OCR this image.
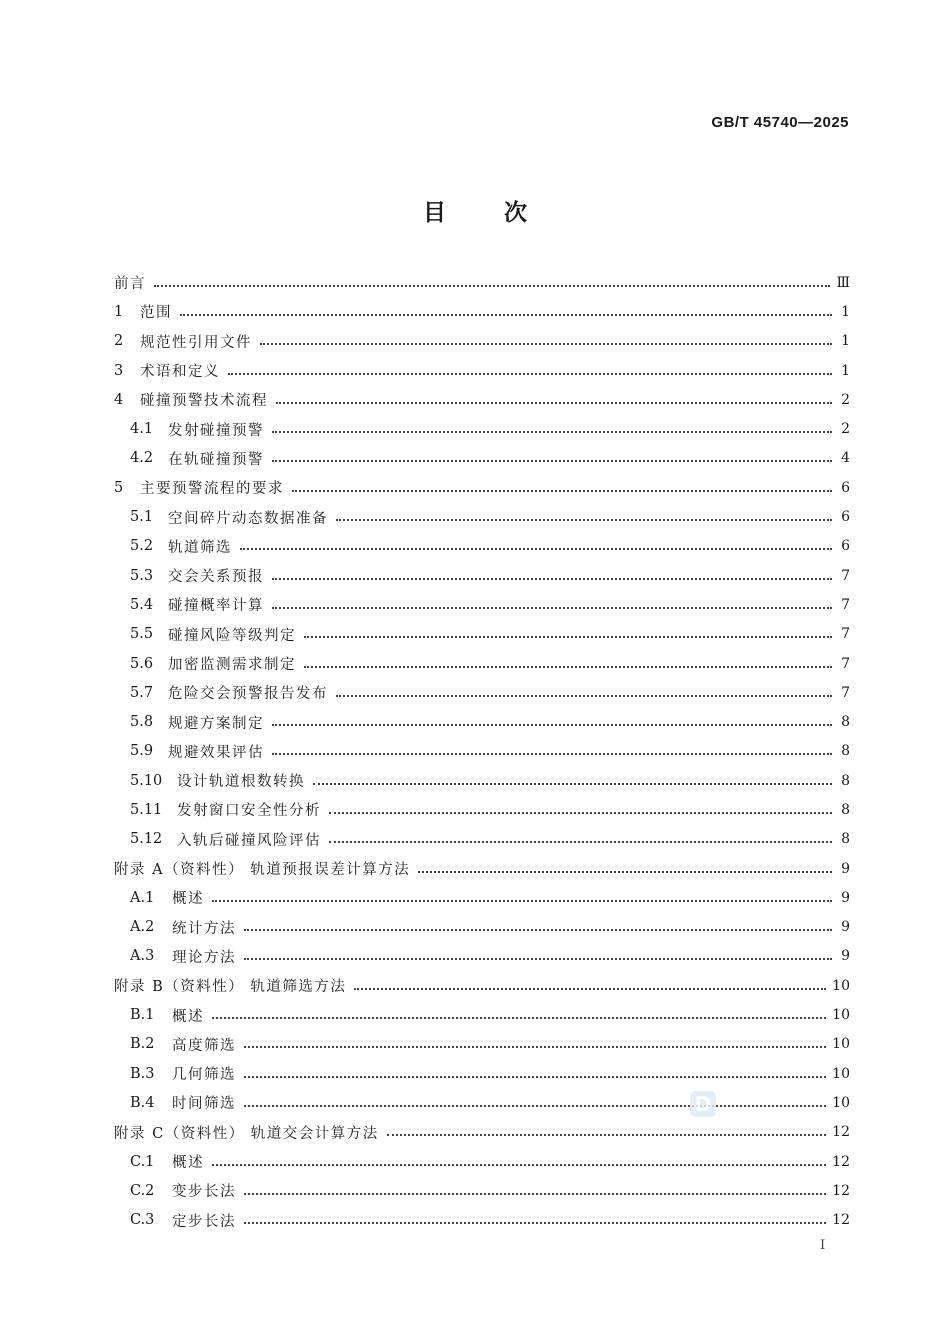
GB/T 45740—2025
目次
前言	Ⅲ
1	范围	1
2	规范性引用文件	1
3	术语和定义	1
4	碰撞预警技术流程	2
4.1	发射碰撞预警	2
4.2	在轨碰撞预警	4
5	主要预警流程的要求	6
5.1	空间碎片动态数据准备	6
5.2	轨道筛选	6
5.3	交会关系预报	7
5.4	碰撞概率计算	7
5.5	碰撞风险等级判定	7
5.6	加密监测需求制定	7
5.7	危险交会预警报告发布	7
5.8	规避方案制定	8
5.9	规避效果评估	8
5.10	设计轨道根数转换	8
5.11	发射窗口安全性分析	8
5.12	入轨后碰撞风险评估	8
附录 A（资料性） 轨道预报误差计算方法	9
A.1	概述	9
A.2	统计方法	9
A.3	理论方法	9
附录 B（资料性） 轨道筛选方法	10
B.1	概述	10
B.2	高度筛选	10
B.3	几何筛选	10
B.4	时间筛选	10
附录 C（资料性） 轨道交会计算方法	12
C.1	概述	12
C.2	变步长法	12
C.3	定步长法	12
I
D
